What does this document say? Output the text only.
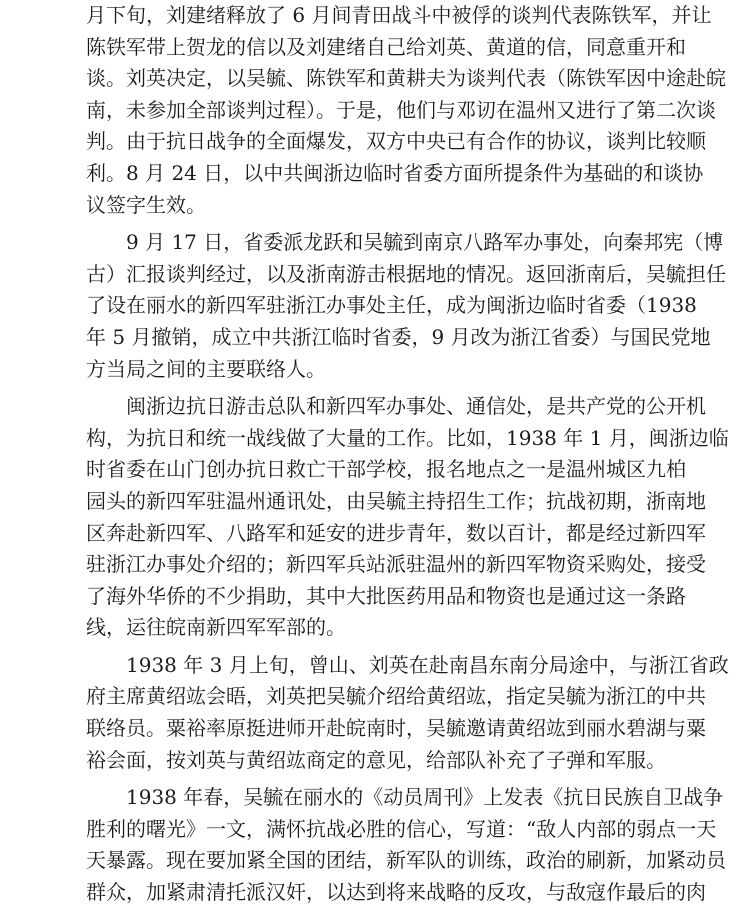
月下旬，刘建绪释放了 6 月间青田战斗中被俘的谈判代表陈铁军，并让
陈铁军带上贺龙的信以及刘建绪自己给刘英、黄道的信，同意重开和
谈。刘英决定，以吴毓、陈铁军和黄耕夫为谈判代表（陈铁军因中途赴皖
南，未参加全部谈判过程）。于是，他们与邓讱在温州又进行了第二次谈
判。由于抗日战争的全面爆发，双方中央已有合作的协议，谈判比较顺
利。8 月 24 日，以中共闽浙边临时省委方面所提条件为基础的和谈协
议签字生效。
9 月 17 日，省委派龙跃和吴毓到南京八路军办事处，向秦邦宪（博
古）汇报谈判经过，以及浙南游击根据地的情况。返回浙南后，吴毓担任
了设在丽水的新四军驻浙江办事处主任，成为闽浙边临时省委（1938
年 5 月撤销，成立中共浙江临时省委，9 月改为浙江省委）与国民党地
方当局之间的主要联络人。
闽浙边抗日游击总队和新四军办事处、通信处，是共产党的公开机
构，为抗日和统一战线做了大量的工作。比如，1938 年 1 月，闽浙边临
时省委在山门创办抗日救亡干部学校，报名地点之一是温州城区九柏
园头的新四军驻温州通讯处，由吴毓主持招生工作；抗战初期，浙南地
区奔赴新四军、八路军和延安的进步青年，数以百计，都是经过新四军
驻浙江办事处介绍的；新四军兵站派驻温州的新四军物资采购处，接受
了海外华侨的不少捐助，其中大批医药用品和物资也是通过这一条路
线，运往皖南新四军军部的。
1938 年 3 月上旬，曾山、刘英在赴南昌东南分局途中，与浙江省政
府主席黄绍竑会晤，刘英把吴毓介绍给黄绍竑，指定吴毓为浙江的中共
联络员。粟裕率原挺进师开赴皖南时，吴毓邀请黄绍竑到丽水碧湖与粟
裕会面，按刘英与黄绍竑商定的意见，给部队补充了子弹和军服。
1938 年春，吴毓在丽水的《动员周刊》上发表《抗日民族自卫战争
胜利的曙光》一文，满怀抗战必胜的信心，写道：“敌人内部的弱点一天
天暴露。现在要加紧全国的团结，新军队的训练，政治的刷新，加紧动员
群众，加紧肃清托派汉奸，以达到将来战略的反攻，与敌寇作最后的肉
